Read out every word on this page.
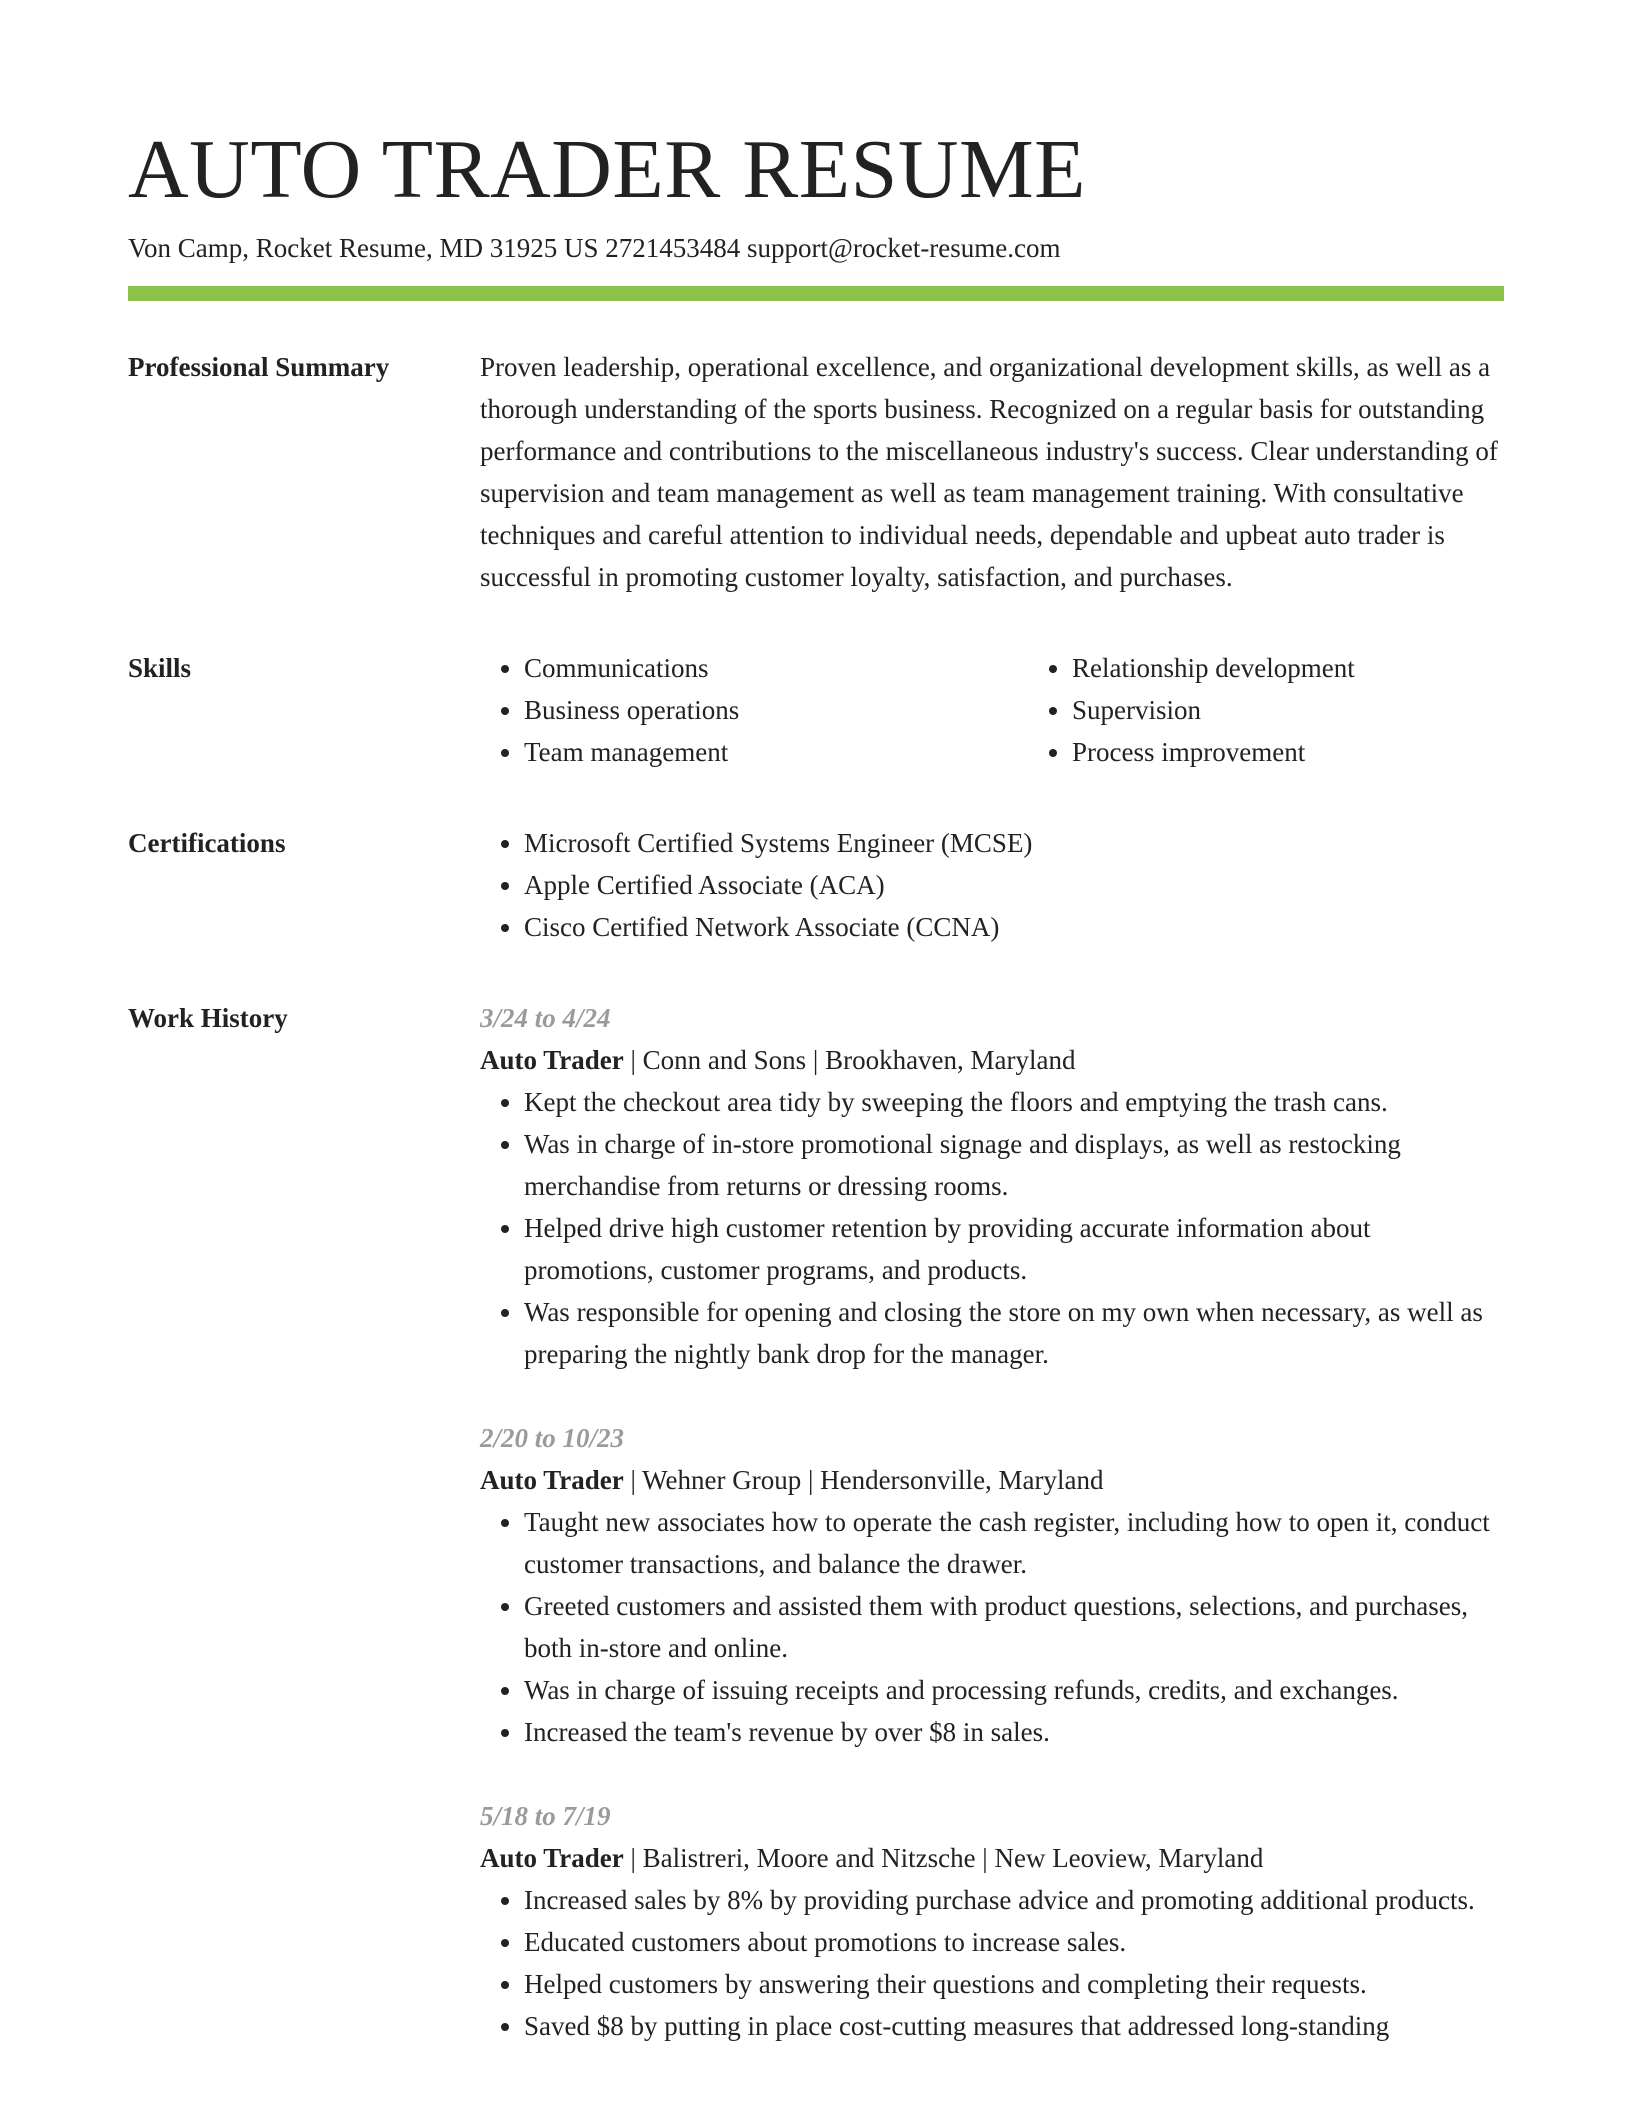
AUTO TRADER RESUME
Von Camp, Rocket Resume, MD 31925 US 2721453484 support@rocket-resume.com
Professional Summary	Proven leadership, operational excellence, and organizational development skills, as well as a thorough understanding of the sports business. Recognized on a regular basis for outstanding performance and contributions to the miscellaneous industry's success. Clear understanding of supervision and team management as well as team management training. With consultative techniques and careful attention to individual needs, dependable and upbeat auto trader is successful in promoting customer loyalty, satisfaction, and purchases.

Skills	• Communications
• Business operations
• Team management
• Relationship development
• Supervision
• Process improvement
Certifications	• Microsoft Certified Systems Engineer (MCSE)
• Apple Certified Associate (ACA)
• Cisco Certified Network Associate (CCNA)
Work History	3/24 to 4/24
Auto Trader | Conn and Sons | Brookhaven, Maryland
• Kept the checkout area tidy by sweeping the floors and emptying the trash cans.
• Was in charge of in-store promotional signage and displays, as well as restocking merchandise from returns or dressing rooms.
• Helped drive high customer retention by providing accurate information about promotions, customer programs, and products.
• Was responsible for opening and closing the store on my own when necessary, as well as preparing the nightly bank drop for the manager.
2/20 to 10/23
Auto Trader | Wehner Group | Hendersonville, Maryland
• Taught new associates how to operate the cash register, including how to open it, conduct customer transactions, and balance the drawer.
• Greeted customers and assisted them with product questions, selections, and purchases, both in-store and online.
• Was in charge of issuing receipts and processing refunds, credits, and exchanges.
• Increased the team's revenue by over $8 in sales.
5/18 to 7/19
Auto Trader | Balistreri, Moore and Nitzsche | New Leoview, Maryland
• Increased sales by 8% by providing purchase advice and promoting additional products.
• Educated customers about promotions to increase sales.
• Helped customers by answering their questions and completing their requests.
• Saved $8 by putting in place cost-cutting measures that addressed long-standing
